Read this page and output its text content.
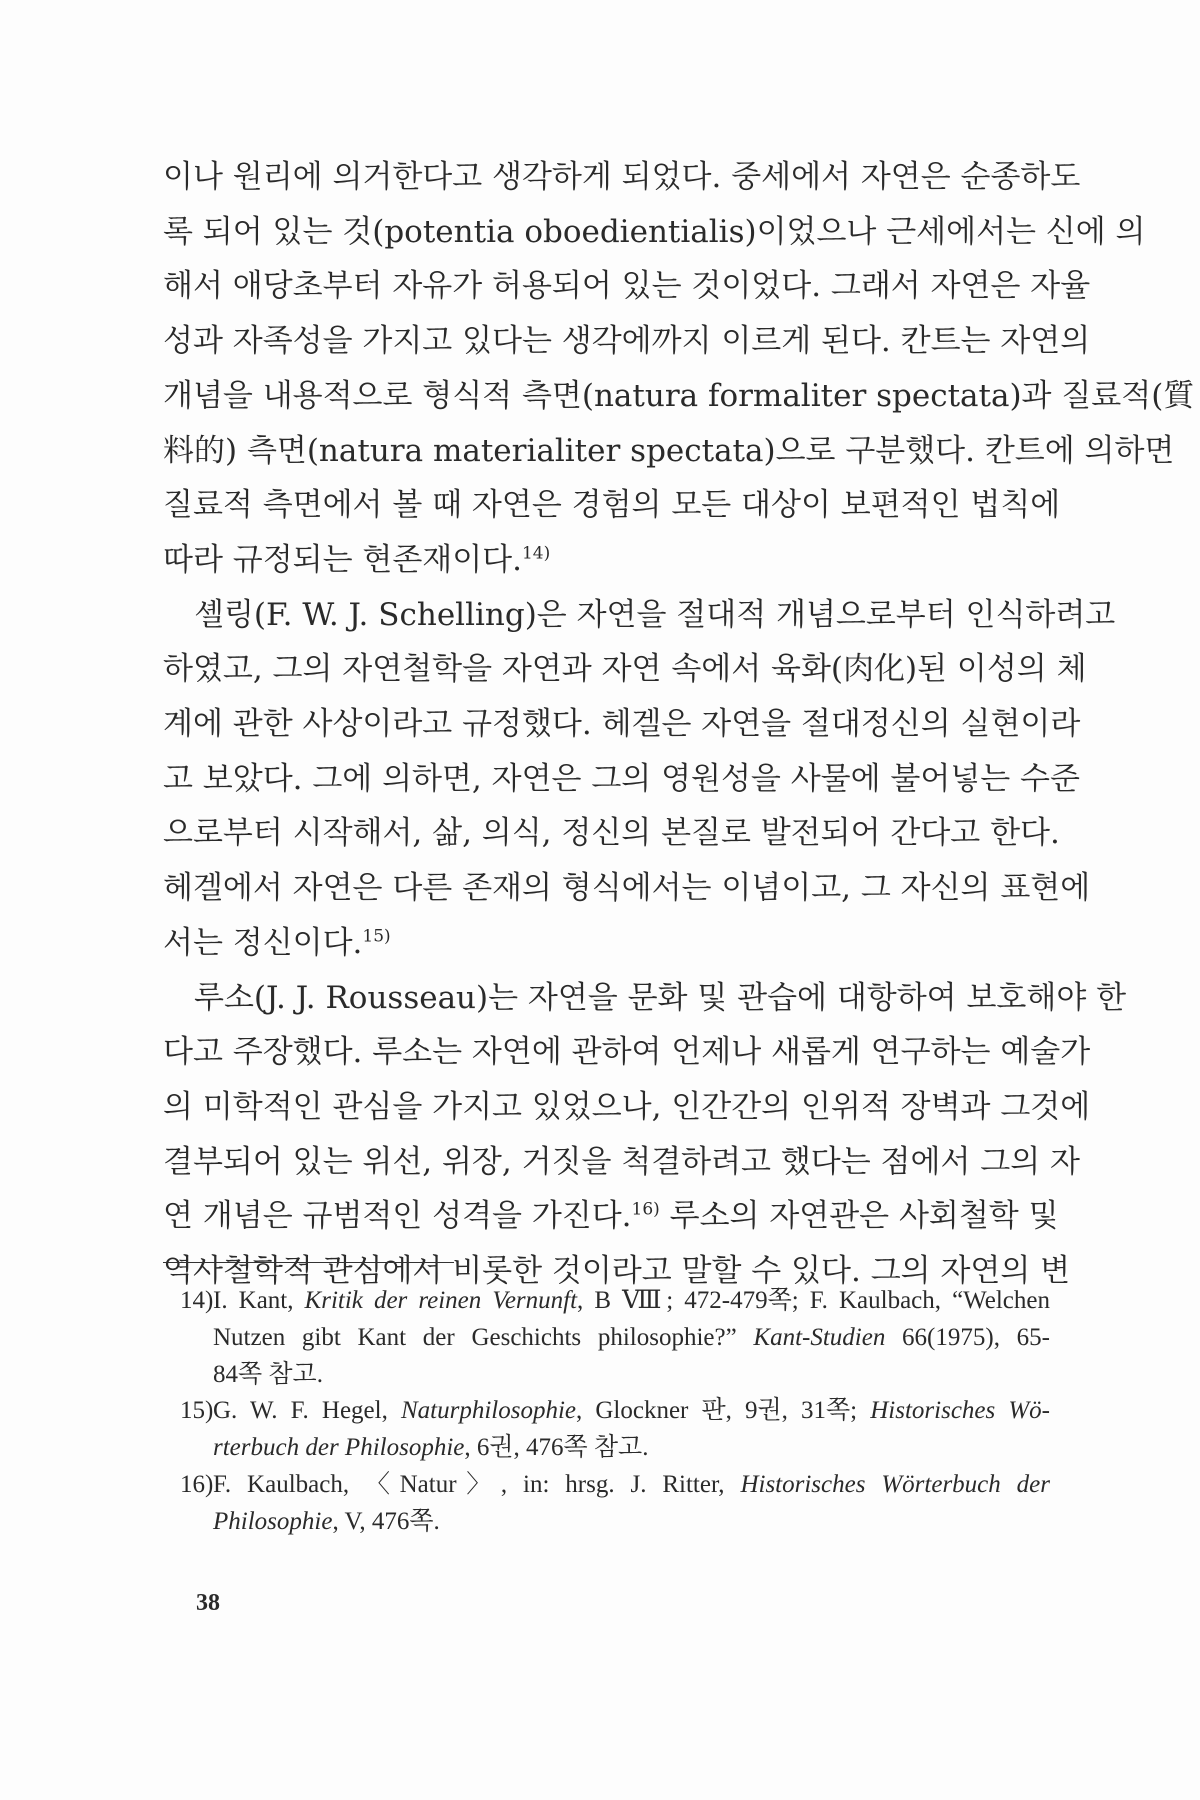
이나 원리에 의거한다고 생각하게 되었다. 중세에서 자연은 순종하도
록 되어 있는 것(potentia oboedientialis)이었으나 근세에서는 신에 의
해서 애당초부터 자유가 허용되어 있는 것이었다. 그래서 자연은 자율
성과 자족성을 가지고 있다는 생각에까지 이르게 된다. 칸트는 자연의
개념을 내용적으로 형식적 측면(natura formaliter spectata)과 질료적(質
料的) 측면(natura materialiter spectata)으로 구분했다. 칸트에 의하면
질료적 측면에서 볼 때 자연은 경험의 모든 대상이 보편적인 법칙에
따라 규정되는 현존재이다.$^{14)}$
셸링(F. W. J. Schelling)은 자연을 절대적 개념으로부터 인식하려고
하였고, 그의 자연철학을 자연과 자연 속에서 육화(肉化)된 이성의 체
계에 관한 사상이라고 규정했다. 헤겔은 자연을 절대정신의 실현이라
고 보았다. 그에 의하면, 자연은 그의 영원성을 사물에 불어넣는 수준
으로부터 시작해서, 삶, 의식, 정신의 본질로 발전되어 간다고 한다.
헤겔에서 자연은 다른 존재의 형식에서는 이념이고, 그 자신의 표현에
서는 정신이다.$^{15)}$
루소(J. J. Rousseau)는 자연을 문화 및 관습에 대항하여 보호해야 한
다고 주장했다. 루소는 자연에 관하여 언제나 새롭게 연구하는 예술가
의 미학적인 관심을 가지고 있었으나, 인간간의 인위적 장벽과 그것에
결부되어 있는 위선, 위장, 거짓을 척결하려고 했다는 점에서 그의 자
연 개념은 규범적인 성격을 가진다.$^{16)}$ 루소의 자연관은 사회철학 및
역사철학적 관심에서 비롯한 것이라고 말할 수 있다. 그의 자연의 변
14) I. Kant, Kritik der reinen Vernunft, B Ⅷ; 472-479쪽; F. Kaulbach, “Welchen
Nutzen gibt Kant der Geschichts philosophie?” Kant-Studien 66(1975), 65-
84쪽 참고.
15) G. W. F. Hegel, Naturphilosophie, Glockner 판, 9권, 31쪽; Historisches Wö-
rterbuch der Philosophie, 6권, 476쪽 참고.
16) F. Kaulbach, 〈Natur〉, in: hrsg. J. Ritter, Historisches Wörterbuch der
Philosophie, V, 476쪽.
38
